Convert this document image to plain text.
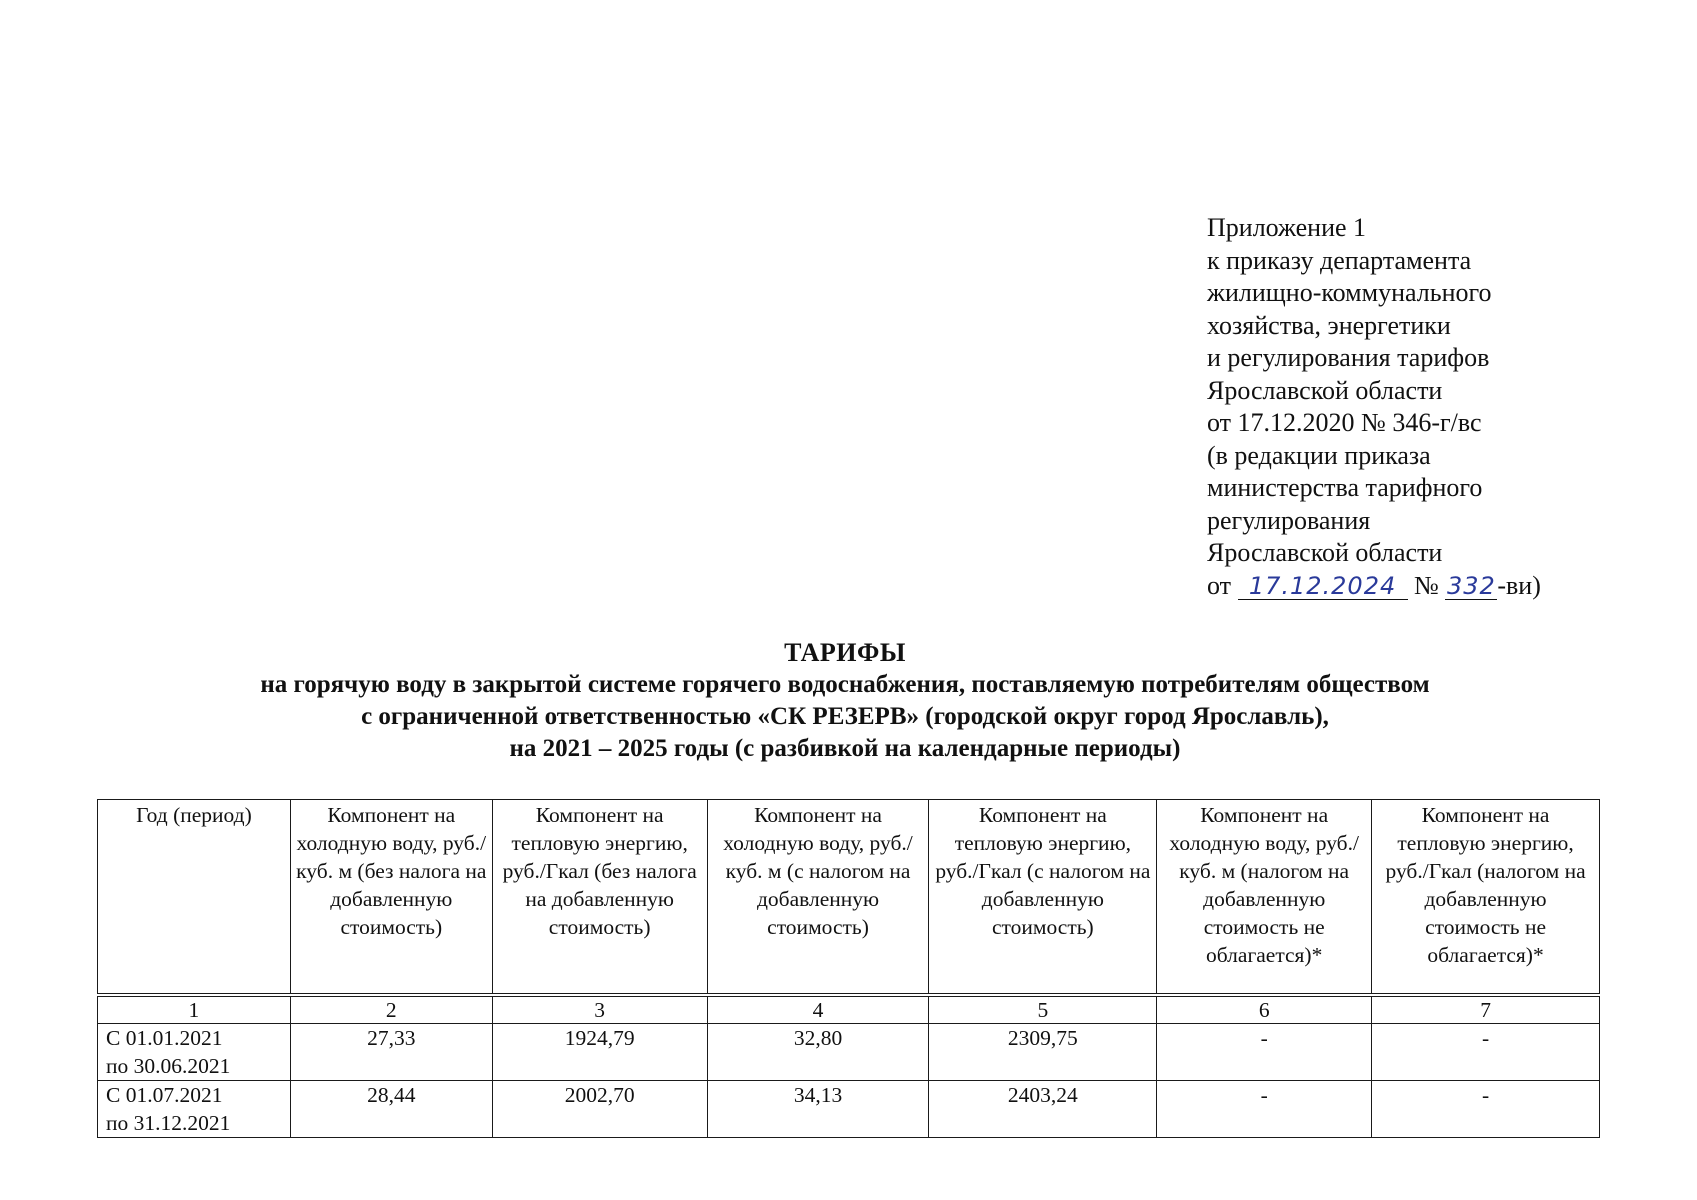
Приложение 1
к приказу департамента
жилищно-коммунального
хозяйства, энергетики
и регулирования тарифов
Ярославской области
от 17.12.2020 № 346-г/вс
(в редакции приказа
министерства тарифного
регулирования
Ярославской области
от 17.12.2024 № 332-ви)
ТАРИФЫ
на горячую воду в закрытой системе горячего водоснабжения, поставляемую потребителям обществом
с ограниченной ответственностью «СК РЕЗЕРВ» (городской округ город Ярославль),
на 2021 – 2025 годы (с разбивкой на календарные периоды)
Год (период)	Компонент на холодную воду, руб./ куб. м (без налога на добавленную стоимость)	Компонент на тепловую энергию, руб./Гкал (без налога на добавленную стоимость)	Компонент на холодную воду, руб./ куб. м (с налогом на добавленную стоимость)	Компонент на тепловую энергию, руб./Гкал (с налогом на добавленную стоимость)	Компонент на холодную воду, руб./ куб. м (налогом на добавленную стоимость не облагается)*	Компонент на тепловую энергию, руб./Гкал (налогом на добавленную стоимость не облагается)*
1	2	3	4	5	6	7

С 01.01.2021
по 30.06.2021	27,33	1924,79	32,80	2309,75	-	-

С 01.07.2021
по 31.12.2021	28,44	2002,70	34,13	2403,24	-	-
